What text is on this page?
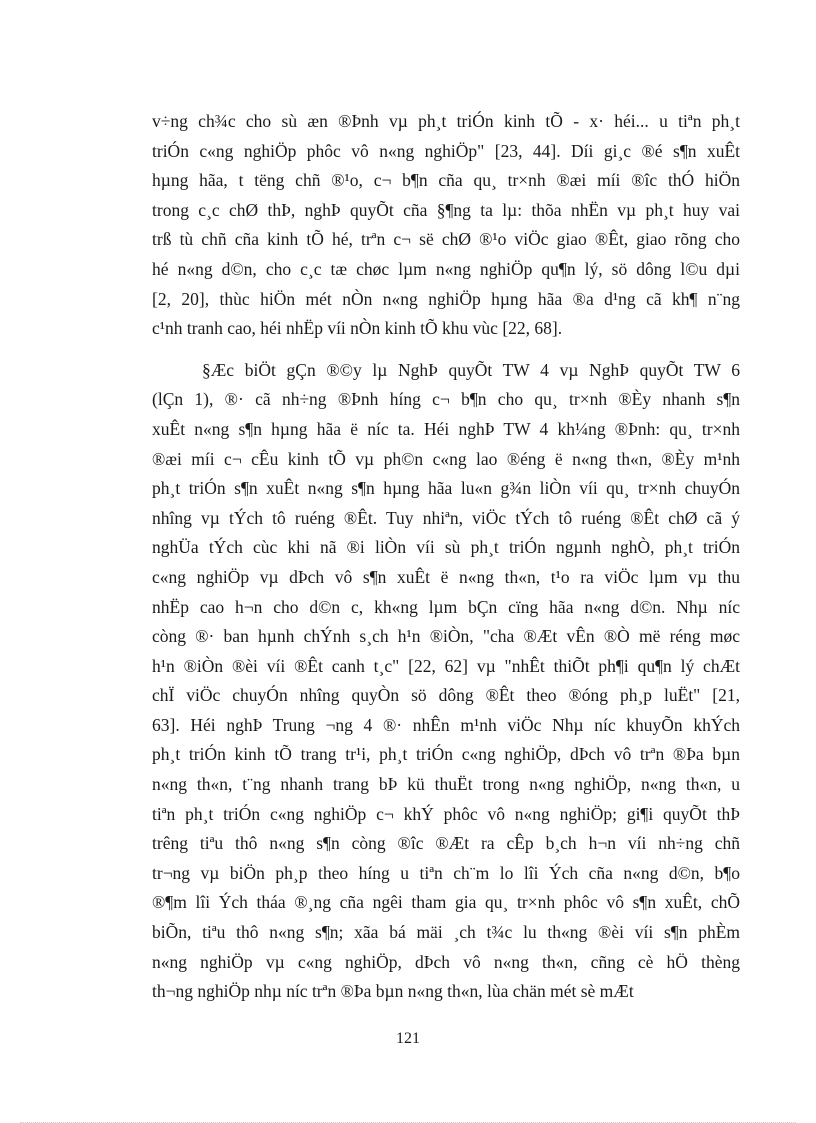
v÷ng ch¾c cho sù æn ®Þnh vµ ph¸t triÓn kinh tÕ - x· héi... u tiªn ph¸t
triÓn c«ng nghiÖp phôc vô n«ng nghiÖp" [23, 44]. Díi gi¸c ®é s¶n xuÊt
hµng hãa, t tëng chñ ®¹o, c¬ b¶n cña qu¸ tr×nh ®æi míi ®îc thÓ hiÖn
trong c¸c chØ thÞ, nghÞ quyÕt cña §¶ng ta lµ: thõa nhËn vµ ph¸t huy vai
trß tù chñ cña kinh tÕ hé, trªn c¬ së chØ ®¹o viÖc giao ®Êt, giao rõng cho
hé n«ng d©n, cho c¸c tæ chøc lµm n«ng nghiÖp qu¶n lý, sö dông l©u dµi
[2, 20], thùc hiÖn mét nÒn n«ng nghiÖp hµng hãa ®a d¹ng cã kh¶ n¨ng
c¹nh tranh cao, héi nhËp víi nÒn kinh tÕ khu vùc [22, 68].
§Æc biÖt gÇn ®©y lµ NghÞ quyÕt TW 4 vµ NghÞ quyÕt TW 6
(lÇn 1), ®· cã nh÷ng ®Þnh híng c¬ b¶n cho qu¸ tr×nh ®Èy nhanh s¶n
xuÊt n«ng s¶n hµng hãa ë níc ta. Héi nghÞ TW 4 kh¼ng ®Þnh: qu¸ tr×nh
®æi míi c¬ cÊu kinh tÕ vµ ph©n c«ng lao ®éng ë n«ng th«n, ®Èy m¹nh
ph¸t triÓn s¶n xuÊt n«ng s¶n hµng hãa lu«n g¾n liÒn víi qu¸ tr×nh chuyÓn
nhîng vµ tÝch tô ruéng ®Êt. Tuy nhiªn, viÖc tÝch tô ruéng ®Êt chØ cã ý
nghÜa tÝch cùc khi nã ®i liÒn víi sù ph¸t triÓn ngµnh nghÒ, ph¸t triÓn
c«ng nghiÖp vµ dÞch vô s¶n xuÊt ë n«ng th«n, t¹o ra viÖc lµm vµ thu
nhËp cao h¬n cho d©n c, kh«ng lµm bÇn cïng hãa n«ng d©n. Nhµ níc
còng ®· ban hµnh chÝnh s¸ch h¹n ®iÒn, "cha ®Æt vÊn ®Ò më réng møc
h¹n ®iÒn ®èi víi ®Êt canh t¸c" [22, 62] vµ "nhÊt thiÕt ph¶i qu¶n lý chÆt
chÏ viÖc chuyÓn nhîng quyÒn sö dông ®Êt theo ®óng ph¸p luËt" [21,
63]. Héi nghÞ Trung ¬ng 4 ®· nhÊn m¹nh viÖc Nhµ níc khuyÕn khÝch
ph¸t triÓn kinh tÕ trang tr¹i, ph¸t triÓn c«ng nghiÖp, dÞch vô trªn ®Þa bµn
n«ng th«n, t¨ng nhanh trang bÞ kü thuËt trong n«ng nghiÖp, n«ng th«n, u
tiªn ph¸t triÓn c«ng nghiÖp c¬ khÝ phôc vô n«ng nghiÖp; gi¶i quyÕt thÞ
trêng tiªu thô n«ng s¶n còng ®îc ®Æt ra cÊp b¸ch h¬n víi nh÷ng chñ
tr¬ng vµ biÖn ph¸p theo híng u tiªn ch¨m lo lîi Ých cña n«ng d©n, b¶o
®¶m lîi Ých tháa ®¸ng cña ngêi tham gia qu¸ tr×nh phôc vô s¶n xuÊt, chÕ
biÕn, tiªu thô n«ng s¶n; xãa bá mäi ¸ch t¾c lu th«ng ®èi víi s¶n phÈm
n«ng nghiÖp vµ c«ng nghiÖp, dÞch vô n«ng th«n, cñng cè hÖ thèng
th¬ng nghiÖp nhµ níc trªn ®Þa bµn n«ng th«n, lùa chän mét sè mÆt
121
